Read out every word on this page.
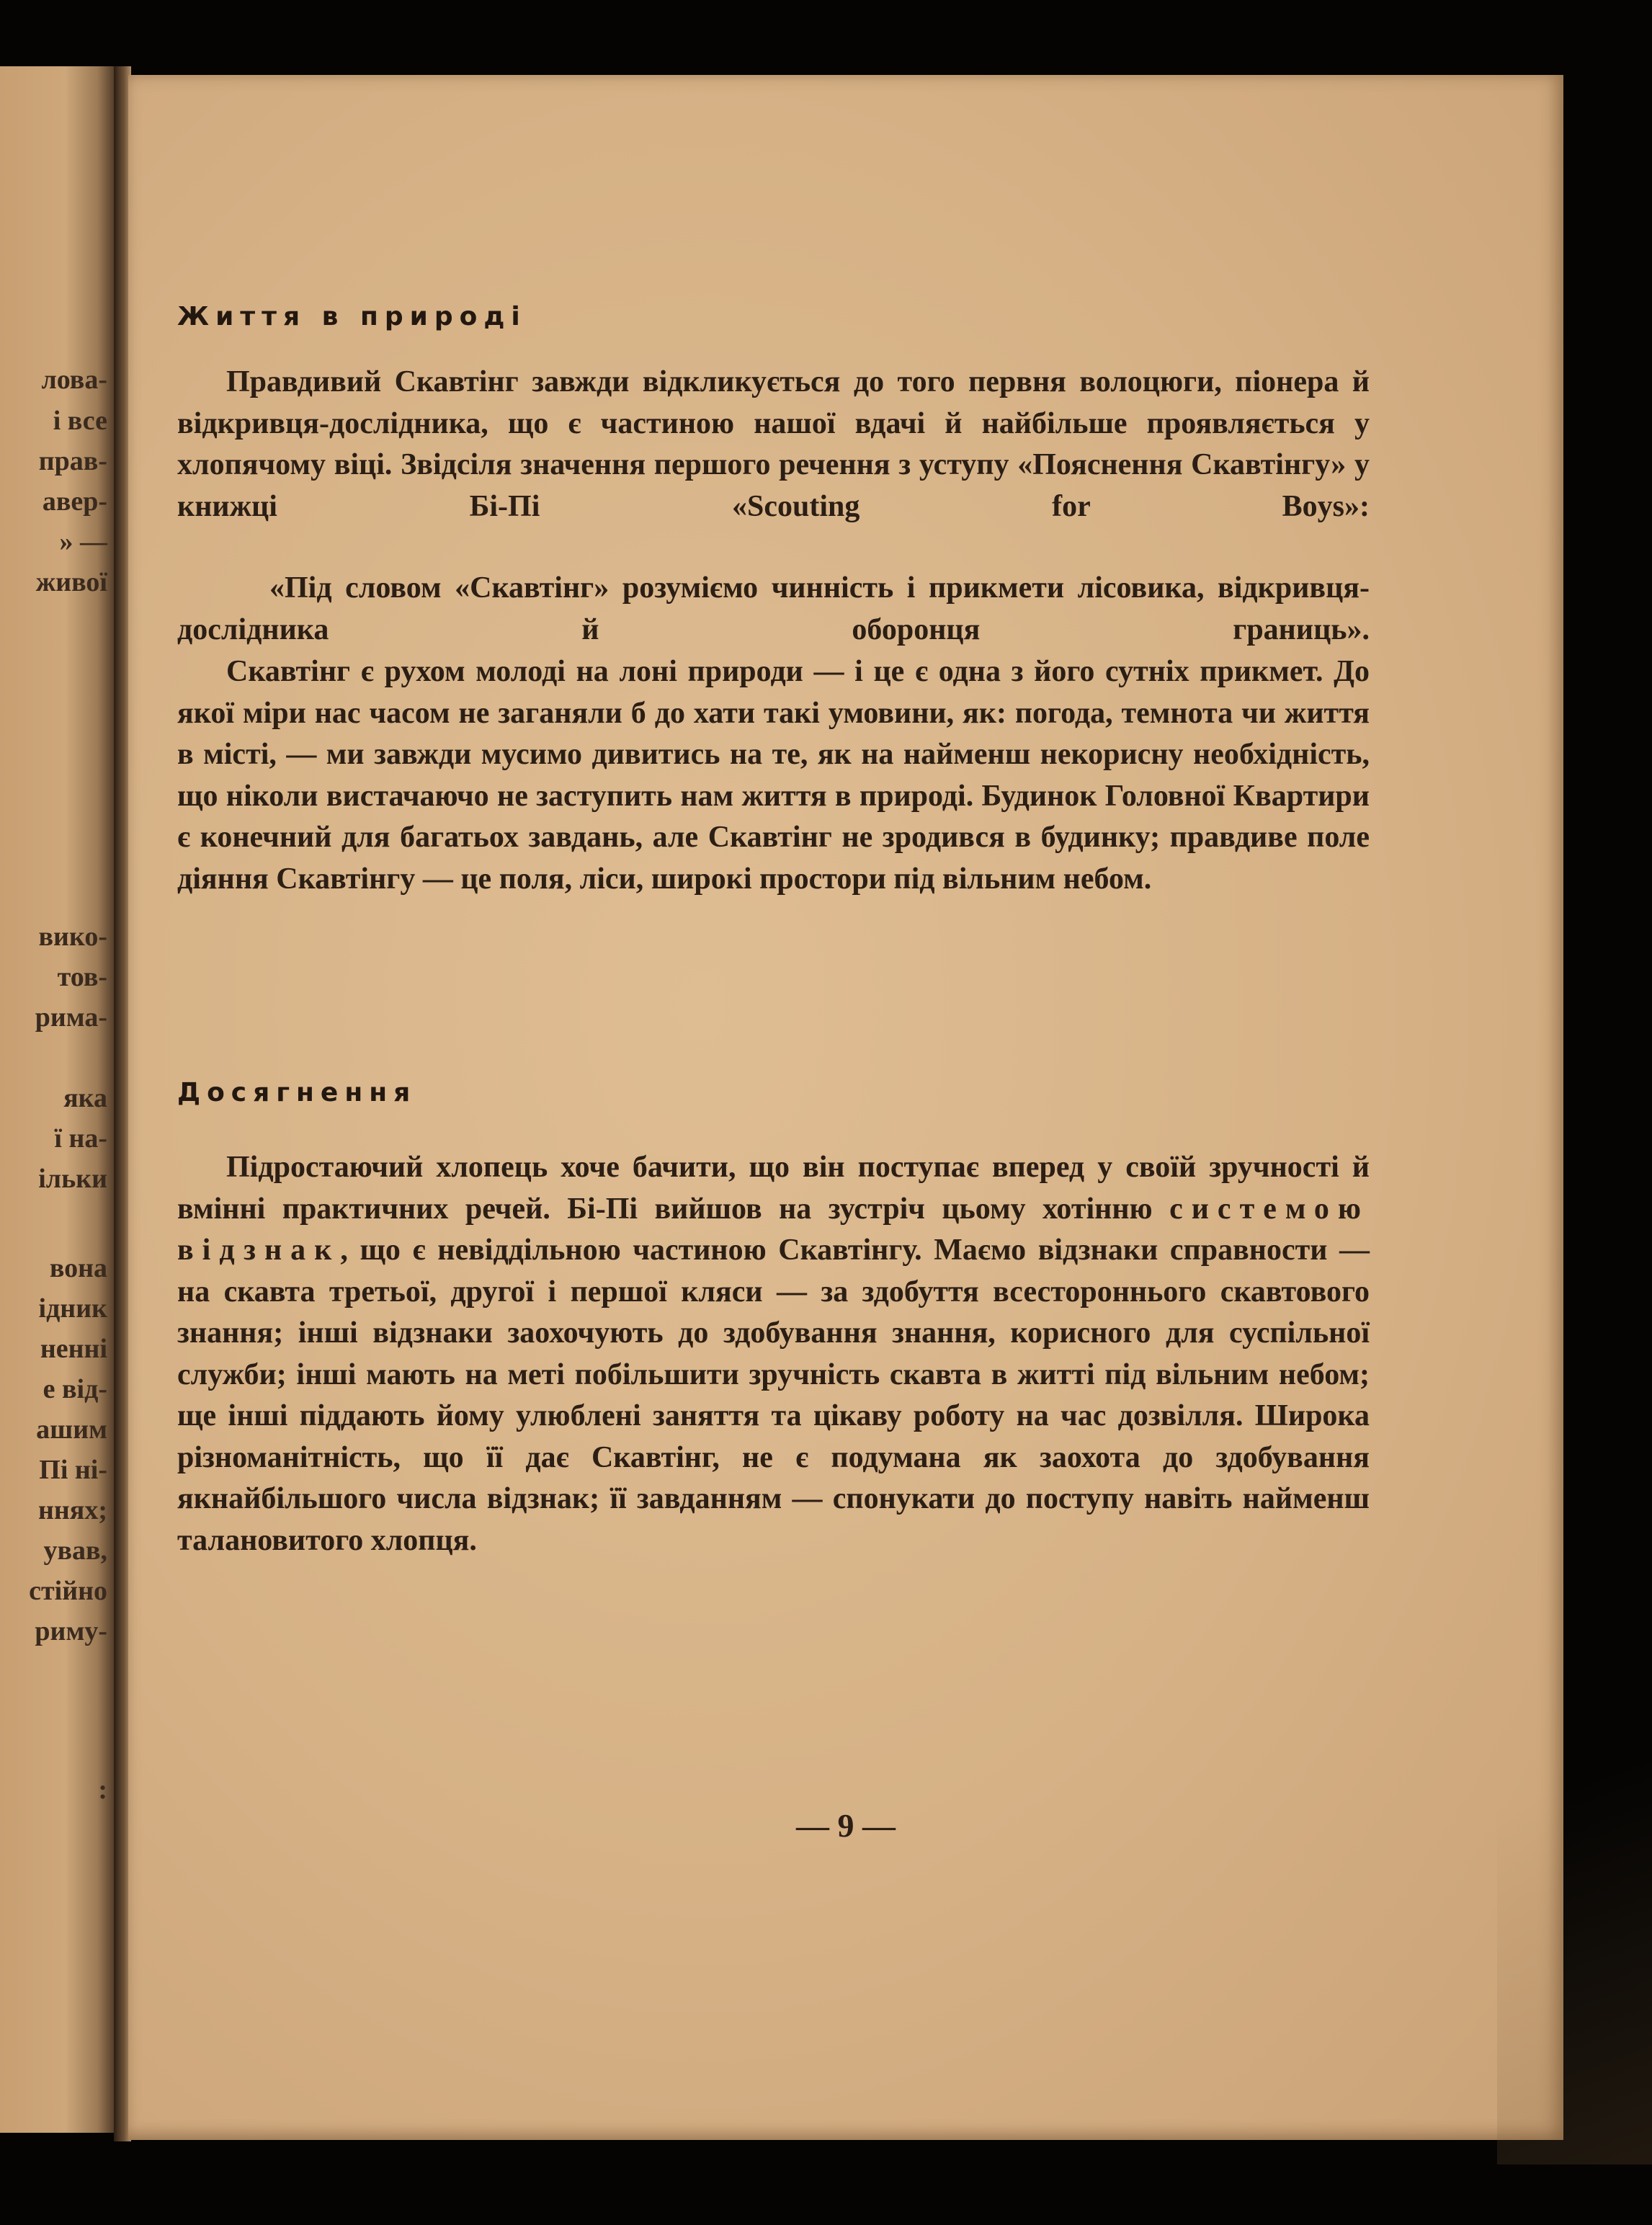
лова-
і все
прав-
авер-
» —
живої
вико-
тов-
рима-
яка
ї на-
ільки
вона
ідник
ненні
е від-
ашим
Пі ні-
ннях;
ував,
стійно
риму-
:
Життя в природі

Правдивий Скавтінг завжди відкликується до того первня волоцюги, піонера й відкривця-дослідника, що є частиною нашої вдачі й найбільше проявляється у хлопячому віці. Звідсіля значення першого речення з уступу «Пояснення Скавтінгу» у книжці Бі-Пі «Scouting for Boys»:

«Під словом «Скавтінг» розуміємо чинність і прикмети лісовика, відкривця-дослідника й оборонця границь».

Скавтінг є рухом молоді на лоні природи — і це є одна з його сутніх прикмет. До якої міри нас часом не заганяли б до хати такі умовини, як: погода, темнота чи життя в місті, — ми завжди мусимо дивитись на те, як на найменш некорисну необхідність, що ніколи вистачаючо не заступить нам життя в природі. Будинок Головної Квартири є конечний для багатьох завдань, але Скавтінг не зродився в будинку; правдиве поле діяння Скавтінгу — це поля, ліси, широкі простори під вільним небом.

Досягнення

Підростаючий хлопець хоче бачити, що він поступає вперед у своїй зручності й вмінні практичних речей. Бі-Пі вийшов на зустріч цьому хотінню системою відзнак, що є невіддільною частиною Скавтінгу. Маємо відзнаки справности — на скавта третьої, другої і першої кляси — за здобуття всестороннього скавтового знання; інші відзнаки заохочують до здобування знання, корисного для суспільної служби; інші мають на меті побільшити зручність скавта в житті під вільним небом; ще інші піддають йому улюблені заняття та цікаву роботу на час дозвілля. Широка різноманітність, що її дає Скавтінг, не є подумана як заохота до здобування якнайбільшого числа відзнак; її завданням — спонукати до поступу навіть найменш талановитого хлопця.

— 9 —
